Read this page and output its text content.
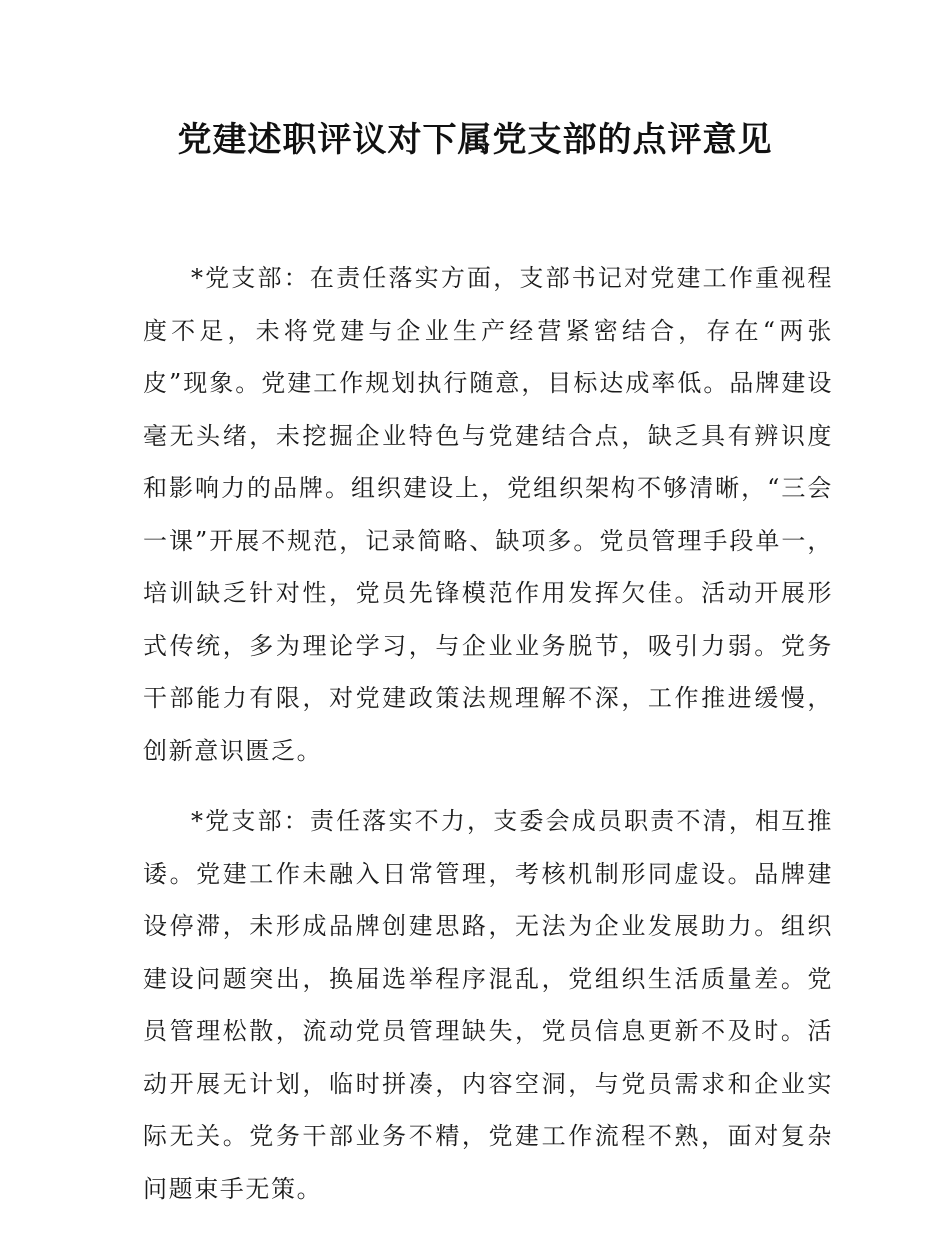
党建述职评议对下属党支部的点评意见

*党支部：在责任落实方面，支部书记对党建工作重视程度不足，未将党建与企业生产经营紧密结合，存在“两张皮”现象。党建工作规划执行随意，目标达成率低。品牌建设毫无头绪，未挖掘企业特色与党建结合点，缺乏具有辨识度和影响力的品牌。组织建设上，党组织架构不够清晰，“三会一课”开展不规范，记录简略、缺项多。党员管理手段单一，培训缺乏针对性，党员先锋模范作用发挥欠佳。活动开展形式传统，多为理论学习，与企业业务脱节，吸引力弱。党务干部能力有限，对党建政策法规理解不深，工作推进缓慢，创新意识匮乏。

*党支部：责任落实不力，支委会成员职责不清，相互推诿。党建工作未融入日常管理，考核机制形同虚设。品牌建设停滞，未形成品牌创建思路，无法为企业发展助力。组织建设问题突出，换届选举程序混乱，党组织生活质量差。党员管理松散，流动党员管理缺失，党员信息更新不及时。活动开展无计划，临时拼凑，内容空洞，与党员需求和企业实际无关。党务干部业务不精，党建工作流程不熟，面对复杂问题束手无策。
